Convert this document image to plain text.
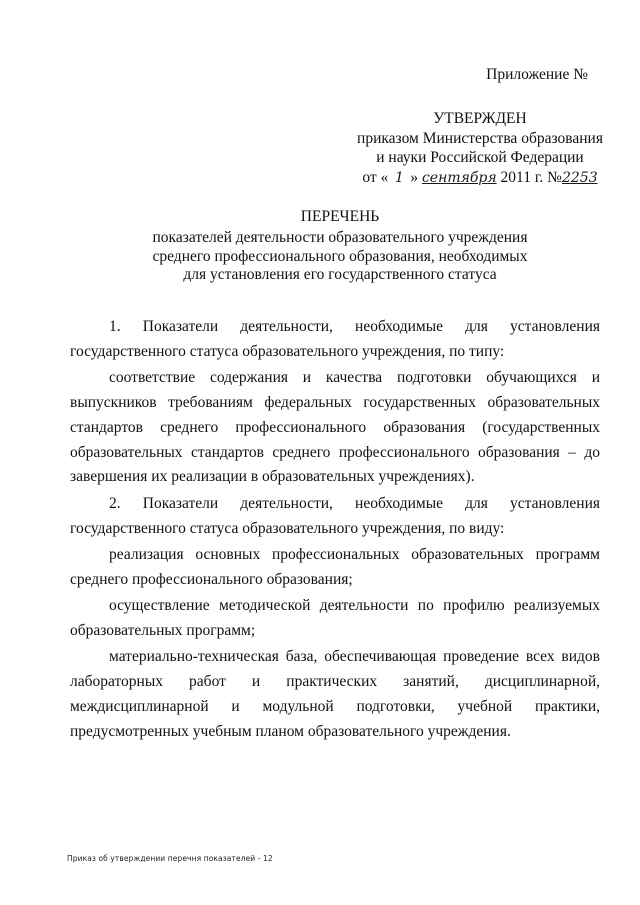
Приложение №
УТВЕРЖДЕН
приказом Министерства образования
и науки Российской Федерации
от « 1 » сентября 2011 г. №2253
ПЕРЕЧЕНЬ
показателей деятельности образовательного учреждения
среднего профессионального образования, необходимых
для установления его государственного статуса

1. Показатели деятельности, необходимые для установления государственного статуса образовательного учреждения, по типу:

соответствие содержания и качества подготовки обучающихся и выпускников требованиям федеральных государственных образовательных стандартов среднего профессионального образования (государственных образовательных стандартов среднего профессионального образования – до завершения их реализации в образовательных учреждениях).

2. Показатели деятельности, необходимые для установления государственного статуса образовательного учреждения, по виду:

реализация основных профессиональных образовательных программ среднего профессионального образования;

осуществление методической деятельности по профилю реализуемых образовательных программ;

материально-техническая база, обеспечивающая проведение всех видов лабораторных работ и практических занятий, дисциплинарной, междисциплинарной и модульной подготовки, учебной практики, предусмотренных учебным планом образовательного учреждения.

Приказ об утверждении перечня показателей - 12
